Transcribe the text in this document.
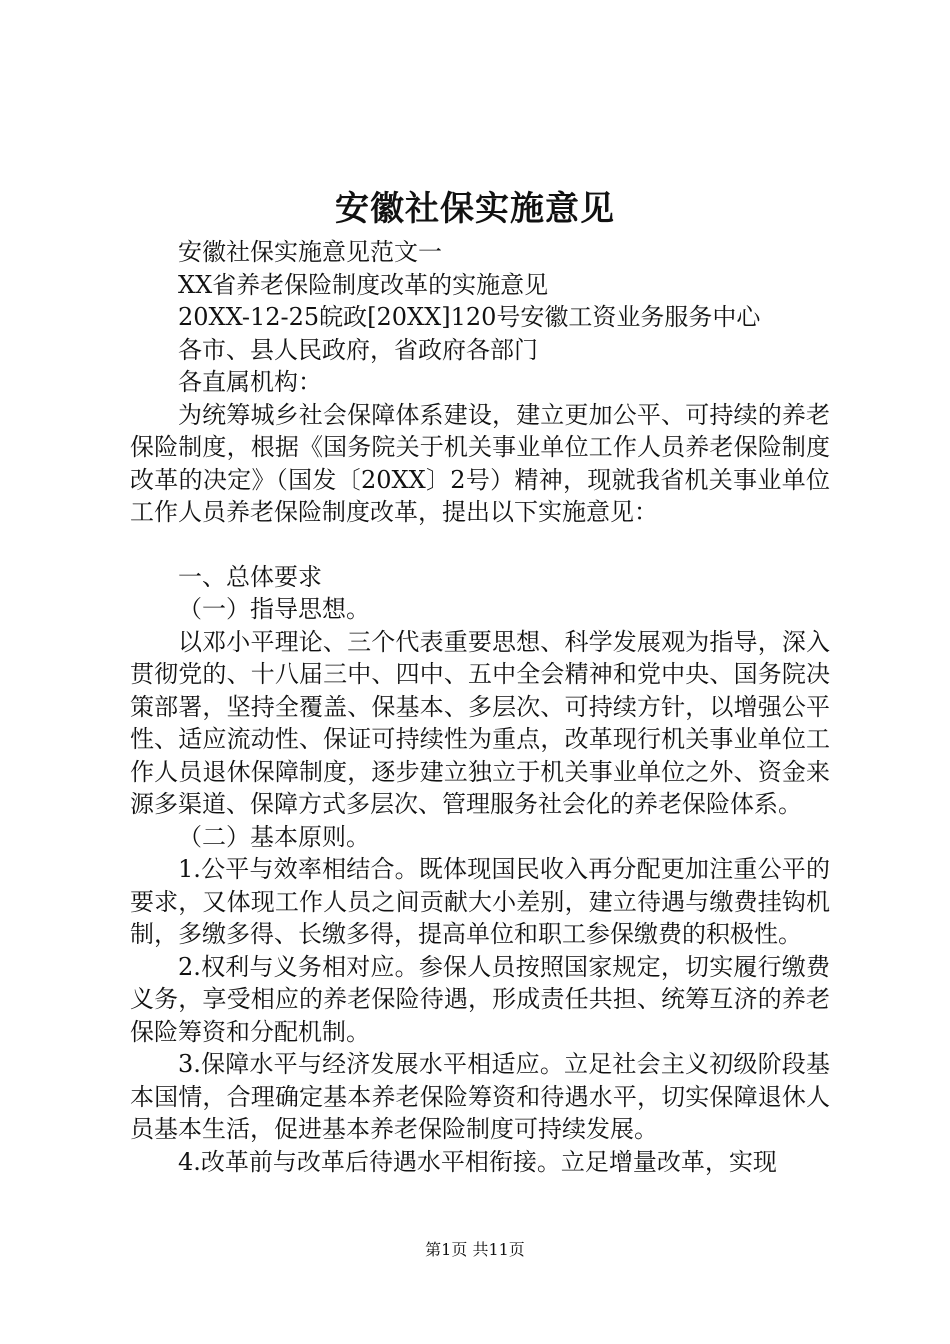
安徽社保实施意见

安徽社保实施意见范文一

XX省养老保险制度改革的实施意见

20XX-12-25皖政[20XX]120号安徽工资业务服务中心

各市、县人民政府，省政府各部门

各直属机构：

为统筹城乡社会保障体系建设，建立更加公平、可持续的养老保险制度，根据《国务院关于机关事业单位工作人员养老保险制度改革的决定》（国发〔20XX〕2号）精神，现就我省机关事业单位工作人员养老保险制度改革，提出以下实施意见：

一、总体要求

（一）指导思想。

以邓小平理论、三个代表重要思想、科学发展观为指导，深入贯彻党的、十八届三中、四中、五中全会精神和党中央、国务院决策部署，坚持全覆盖、保基本、多层次、可持续方针，以增强公平性、适应流动性、保证可持续性为重点，改革现行机关事业单位工作人员退休保障制度，逐步建立独立于机关事业单位之外、资金来源多渠道、保障方式多层次、管理服务社会化的养老保险体系。

（二）基本原则。

1.公平与效率相结合。既体现国民收入再分配更加注重公平的要求，又体现工作人员之间贡献大小差别，建立待遇与缴费挂钩机制，多缴多得、长缴多得，提高单位和职工参保缴费的积极性。

2.权利与义务相对应。参保人员按照国家规定，切实履行缴费义务，享受相应的养老保险待遇，形成责任共担、统筹互济的养老保险筹资和分配机制。

3.保障水平与经济发展水平相适应。立足社会主义初级阶段基本国情，合理确定基本养老保险筹资和待遇水平，切实保障退休人员基本生活，促进基本养老保险制度可持续发展。

4.改革前与改革后待遇水平相衔接。立足增量改革，实现

第1页 共11页
